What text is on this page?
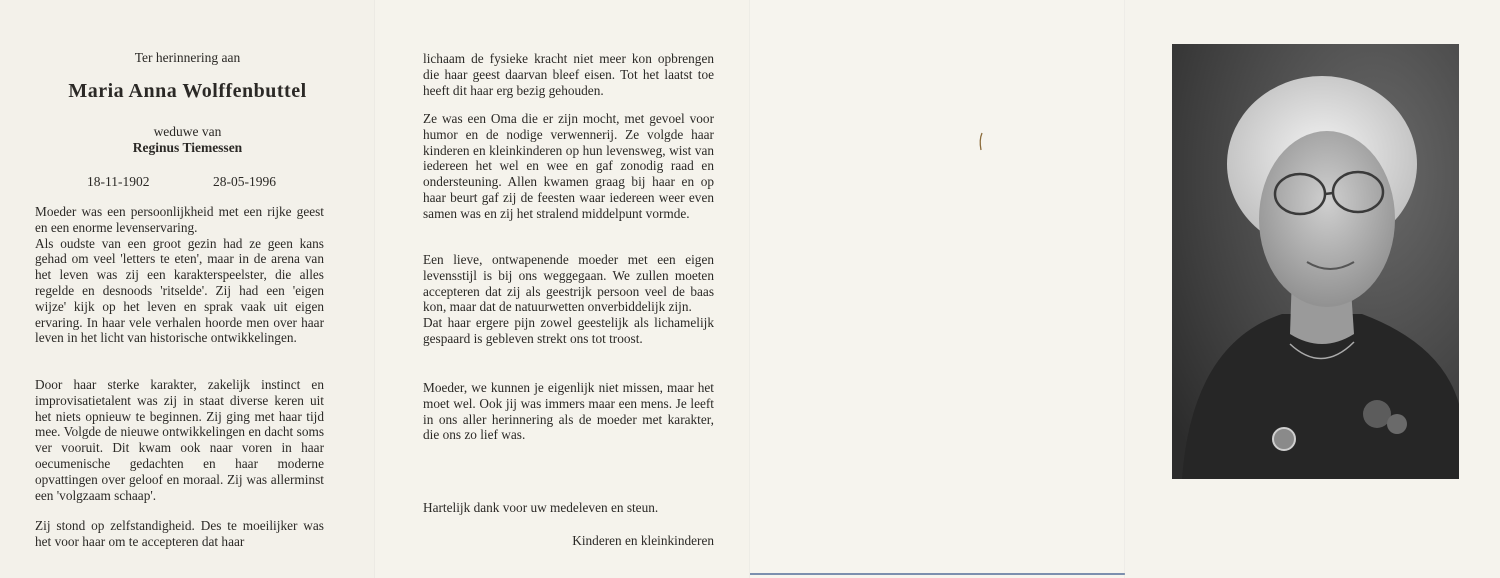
Ter herinnering aan
Maria Anna Wolffenbuttel
weduwe van
Reginus Tiemessen
18-11-1902	28-05-1996

Moeder was een persoonlijkheid met een rijke geest en een enorme levenservaring.
Als oudste van een groot gezin had ze geen kans gehad om veel 'letters te eten', maar in de arena van het leven was zij een karakterspeelster, die alles regelde en desnoods 'ritselde'. Zij had een 'eigen wijze' kijk op het leven en sprak vaak uit eigen ervaring. In haar vele verhalen hoorde men over haar leven in het licht van historische ontwikkelingen.

Door haar sterke karakter, zakelijk instinct en improvisatietalent was zij in staat diverse keren uit het niets opnieuw te beginnen. Zij ging met haar tijd mee. Volgde de nieuwe ontwikkelingen en dacht soms ver vooruit. Dit kwam ook naar voren in haar oecumenische gedachten en haar moderne opvattingen over geloof en moraal. Zij was allerminst een 'volgzaam schaap'.

Zij stond op zelfstandigheid. Des te moeilijker was het voor haar om te accepteren dat haar

lichaam de fysieke kracht niet meer kon opbrengen die haar geest daarvan bleef eisen. Tot het laatst toe heeft dit haar erg bezig gehouden.

Ze was een Oma die er zijn mocht, met gevoel voor humor en de nodige verwennerij. Ze volgde haar kinderen en kleinkinderen op hun levensweg, wist van iedereen het wel en wee en gaf zonodig raad en ondersteuning. Allen kwamen graag bij haar en op haar beurt gaf zij de feesten waar iedereen weer even samen was en zij het stralend middelpunt vormde.

Een lieve, ontwapenende moeder met een eigen levensstijl is bij ons weggegaan. We zullen moeten accepteren dat zij als geestrijk persoon veel de baas kon, maar dat de natuurwetten onverbiddelijk zijn.
Dat haar ergere pijn zowel geestelijk als lichamelijk gespaard is gebleven strekt ons tot troost.

Moeder, we kunnen je eigenlijk niet missen, maar het moet wel. Ook jij was immers maar een mens. Je leeft in ons aller herinnering als de moeder met karakter, die ons zo lief was.

Hartelijk dank voor uw medeleven en steun.
Kinderen en kleinkinderen
